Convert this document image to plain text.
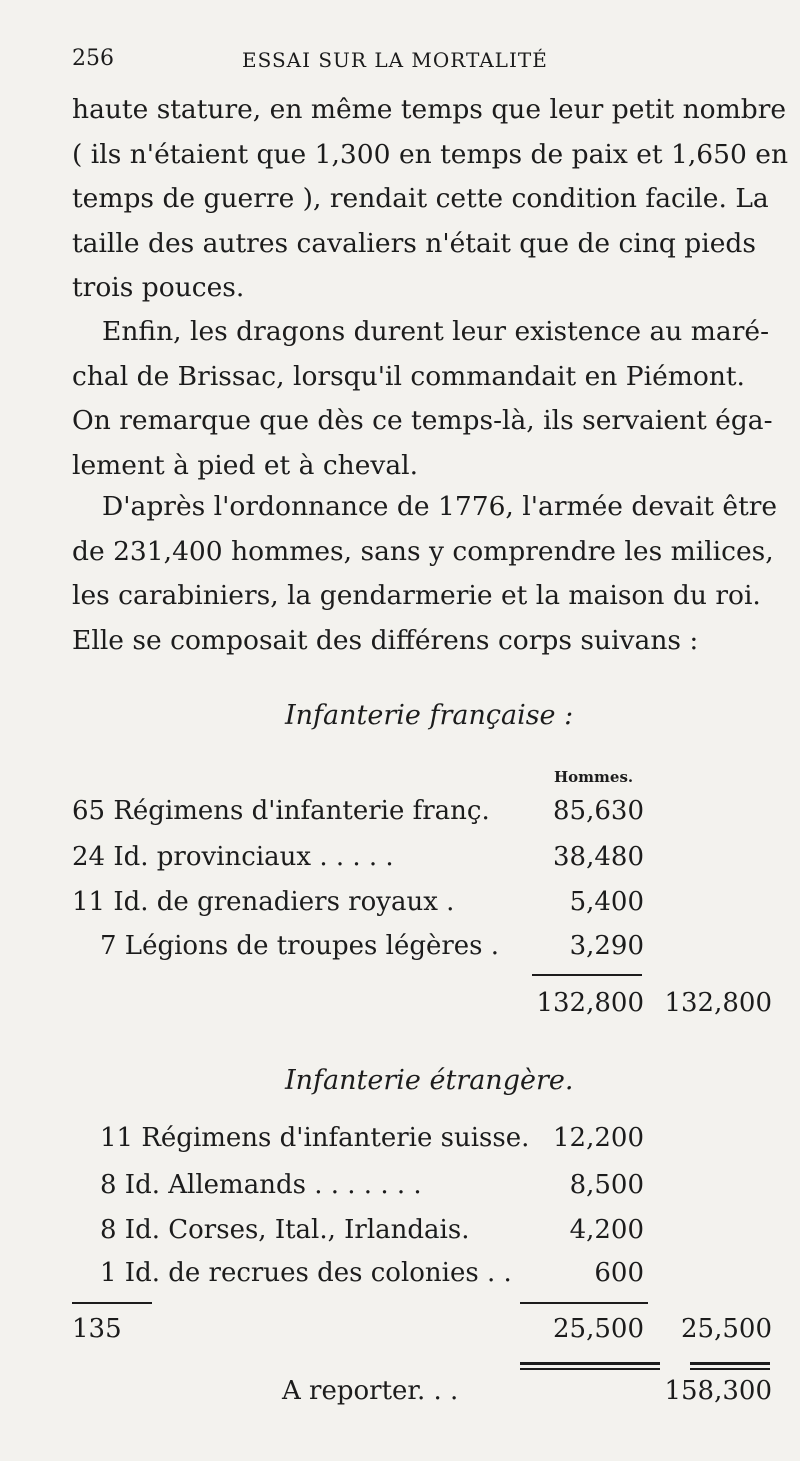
256	ESSAI SUR LA MORTALITÉ
haute stature, en même temps que leur petit nombre
( ils n'étaient que 1,300 en temps de paix et 1,650 en
temps de guerre ), rendait cette condition facile. La
taille des autres cavaliers n'était que de cinq pieds
trois pouces.
Enfin, les dragons durent leur existence au maré-
chal de Brissac, lorsqu'il commandait en Piémont.
On remarque que dès ce temps-là, ils servaient éga-
lement à pied et à cheval.
D'après l'ordonnance de 1776, l'armée devait être
de 231,400 hommes, sans y comprendre les milices,
les carabiniers, la gendarmerie et la maison du roi.
Elle se composait des différens corps suivans :
Infanterie française :
Hommes.
65 Régimens d'infanterie franç. 85,630
24 Id. provinciaux . . . . .	38,480
11 Id. de grenadiers royaux .	5,400
7 Légions de troupes légères .	3,290
132,800 132,800
Infanterie étrangère.
11 Régimens d'infanterie suisse. 12,200
8 Id. Allemands . . . . . . .	8,500
8 Id. Corses, Ital., Irlandais.	4,200
1 Id. de recrues des colonies . .	600
135	25,500 25,500
A reporter. . .	158,300
